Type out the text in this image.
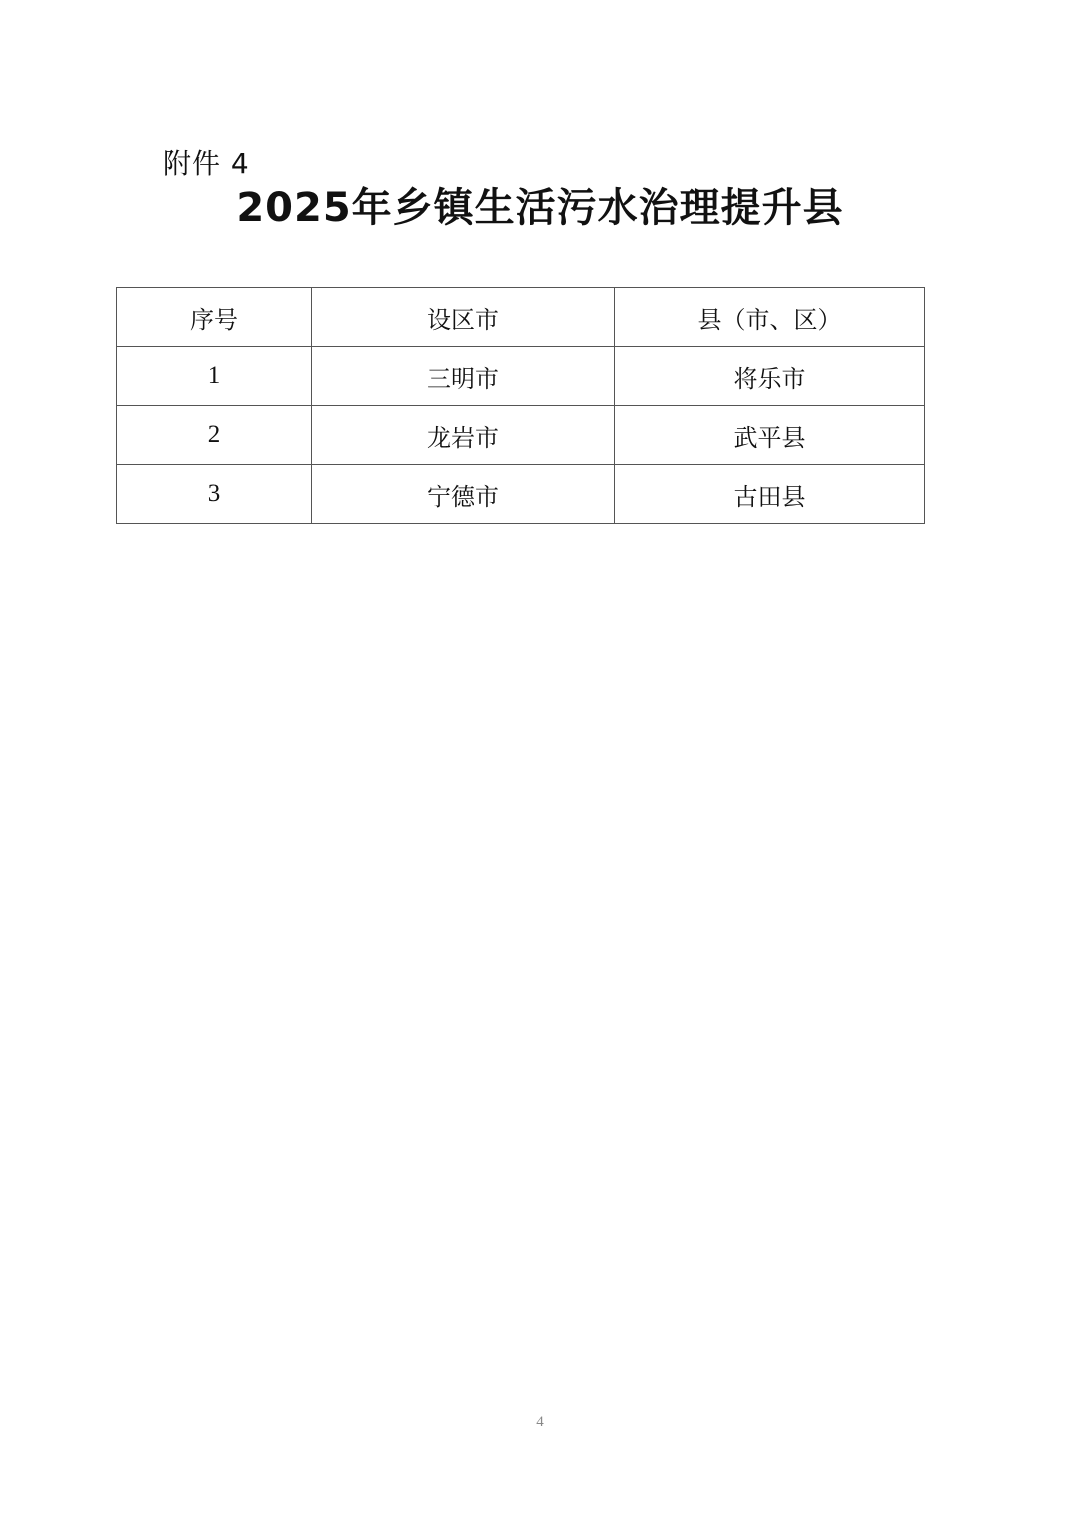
附件 4
2025年乡镇生活污水治理提升县
序号	设区市	县（市、区）
1	三明市	将乐市
2	龙岩市	武平县
3	宁德市	古田县
4
